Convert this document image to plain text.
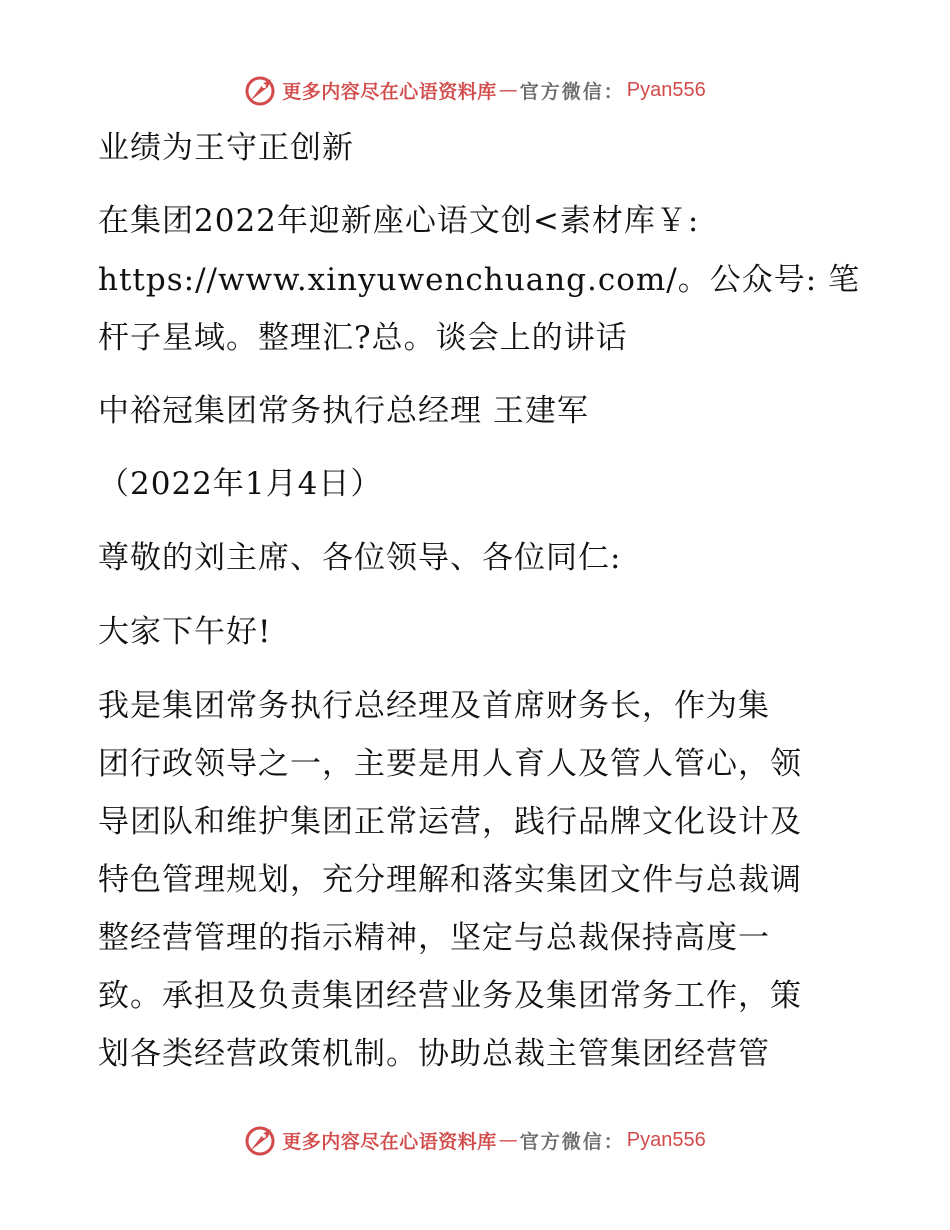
更多内容尽在心语资料库 — 官方微信： Pyan556
业绩为王守正创新
在集团2022年迎新座心语文创<素材库￥:
https://www.xinyuwenchuang.com/。公众号: 笔
杆子星域。整理汇?总。谈会上的讲话
中裕冠集团常务执行总经理 王建军
（2022年1月4日）
尊敬的刘主席、各位领导、各位同仁:
大家下午好!
我是集团常务执行总经理及首席财务长，作为集
团行政领导之一，主要是用人育人及管人管心，领
导团队和维护集团正常运营，践行品牌文化设计及
特色管理规划，充分理解和落实集团文件与总裁调
整经营管理的指示精神，坚定与总裁保持高度一
致。承担及负责集团经营业务及集团常务工作，策
划各类经营政策机制。协助总裁主管集团经营管
更多内容尽在心语资料库 — 官方微信： Pyan556
